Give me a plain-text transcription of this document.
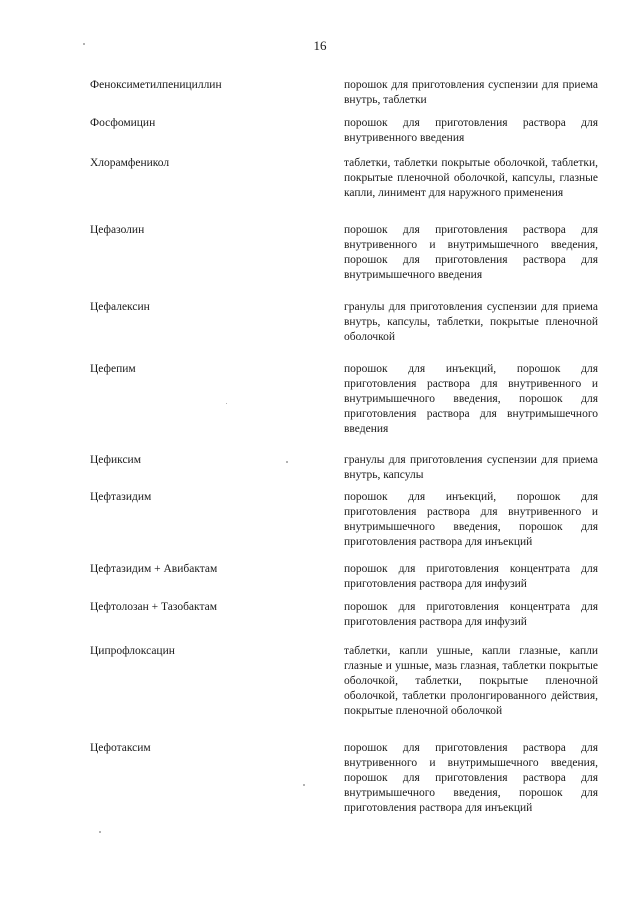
16
Феноксиметилпенициллин	порошок для приготовления суспензии для приема внутрь, таблетки
Фосфомицин	порошок для приготовления раствора для внутривенного введения
Хлорамфеникол	таблетки, таблетки покрытые оболочкой, таблетки, покрытые пленочной оболочкой, капсулы, глазные капли, линимент для наружного применения
Цефазолин	порошок для приготовления раствора для внутривенного и внутримышечного введения, порошок для приготовления раствора для внутримышечного введения
Цефалексин	гранулы для приготовления суспензии для приема внутрь, капсулы, таблетки, покрытые пленочной оболочкой
Цефепим	порошок для инъекций, порошок для приготовления раствора для внутривенного и внутримышечного введения, порошок для приготовления раствора для внутримышечного введения
Цефиксим	гранулы для приготовления суспензии для приема внутрь, капсулы
Цефтазидим	порошок для инъекций, порошок для приготовления раствора для внутривенного и внутримышечного введения, порошок для приготовления раствора для инъекций
Цефтазидим + Авибактам	порошок для приготовления концентрата для приготовления раствора для инфузий
Цефтолозан + Тазобактам	порошок для приготовления концентрата для приготовления раствора для инфузий
Ципрофлоксацин	таблетки, капли ушные, капли глазные, капли глазные и ушные, мазь глазная, таблетки покрытые оболочкой, таблетки, покрытые пленочной оболочкой, таблетки пролонгированного действия, покрытые пленочной оболочкой
Цефотаксим	порошок для приготовления раствора для внутривенного и внутримышечного введения, порошок для приготовления раствора для внутримышечного введения, порошок для приготовления раствора для инъекций
